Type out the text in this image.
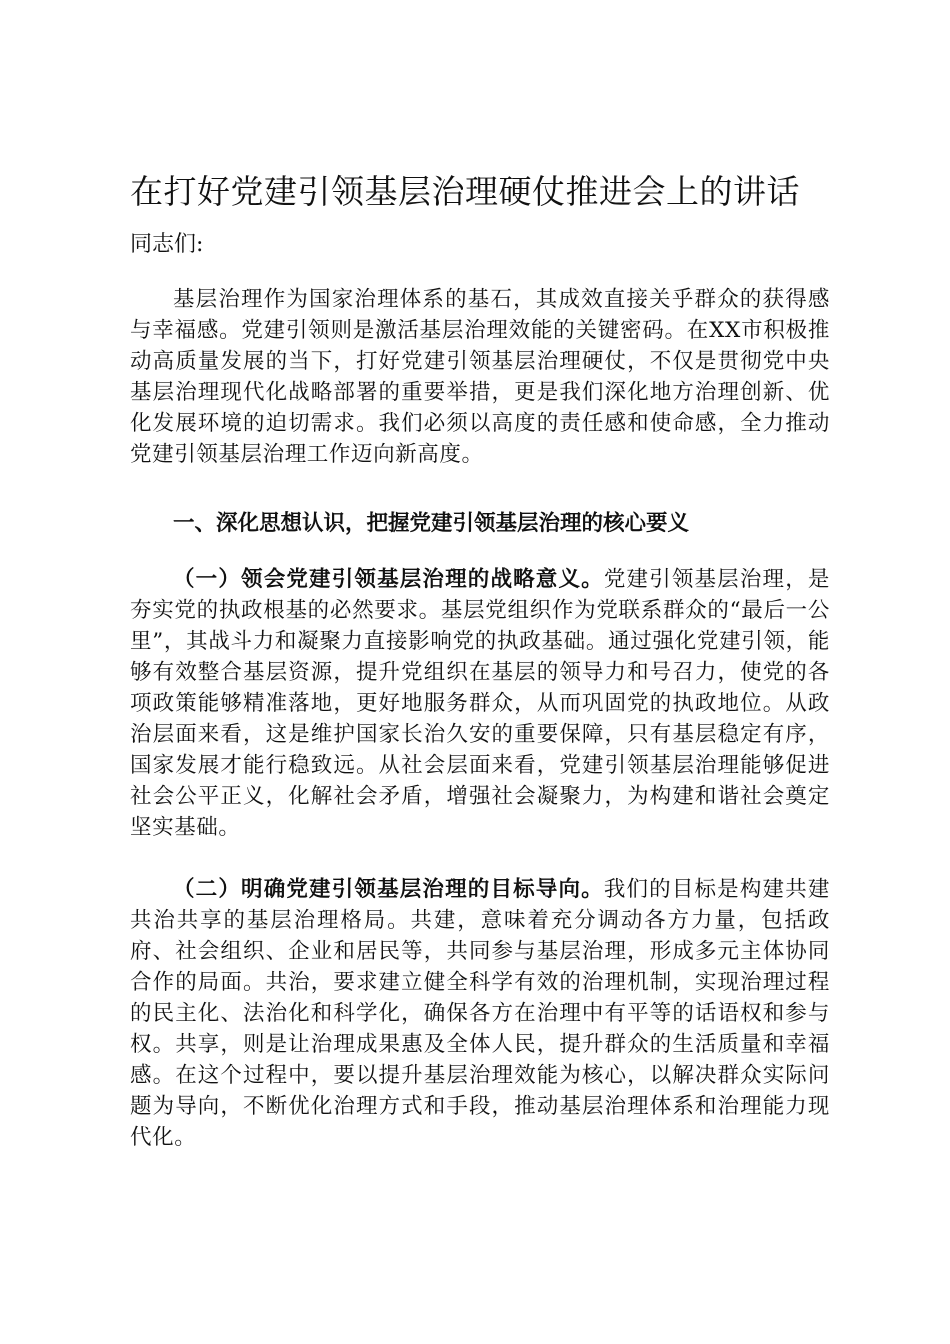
在打好党建引领基层治理硬仗推进会上的讲话

同志们:

基层治理作为国家治理体系的基石，其成效直接关乎群众的获得感与幸福感。党建引领则是激活基层治理效能的关键密码。在XX市积极推动高质量发展的当下，打好党建引领基层治理硬仗，不仅是贯彻党中央基层治理现代化战略部署的重要举措，更是我们深化地方治理创新、优化发展环境的迫切需求。我们必须以高度的责任感和使命感，全力推动党建引领基层治理工作迈向新高度。

一、深化思想认识，把握党建引领基层治理的核心要义

（一）领会党建引领基层治理的战略意义。党建引领基层治理，是夯实党的执政根基的必然要求。基层党组织作为党联系群众的“最后一公里”，其战斗力和凝聚力直接影响党的执政基础。通过强化党建引领，能够有效整合基层资源，提升党组织在基层的领导力和号召力，使党的各项政策能够精准落地，更好地服务群众，从而巩固党的执政地位。从政治层面来看，这是维护国家长治久安的重要保障，只有基层稳定有序，国家发展才能行稳致远。从社会层面来看，党建引领基层治理能够促进社会公平正义，化解社会矛盾，增强社会凝聚力，为构建和谐社会奠定坚实基础。

（二）明确党建引领基层治理的目标导向。我们的目标是构建共建共治共享的基层治理格局。共建，意味着充分调动各方力量，包括政府、社会组织、企业和居民等，共同参与基层治理，形成多元主体协同合作的局面。共治，要求建立健全科学有效的治理机制，实现治理过程的民主化、法治化和科学化，确保各方在治理中有平等的话语权和参与权。共享，则是让治理成果惠及全体人民，提升群众的生活质量和幸福感。在这个过程中，要以提升基层治理效能为核心，以解决群众实际问题为导向，不断优化治理方式和手段，推动基层治理体系和治理能力现代化。
